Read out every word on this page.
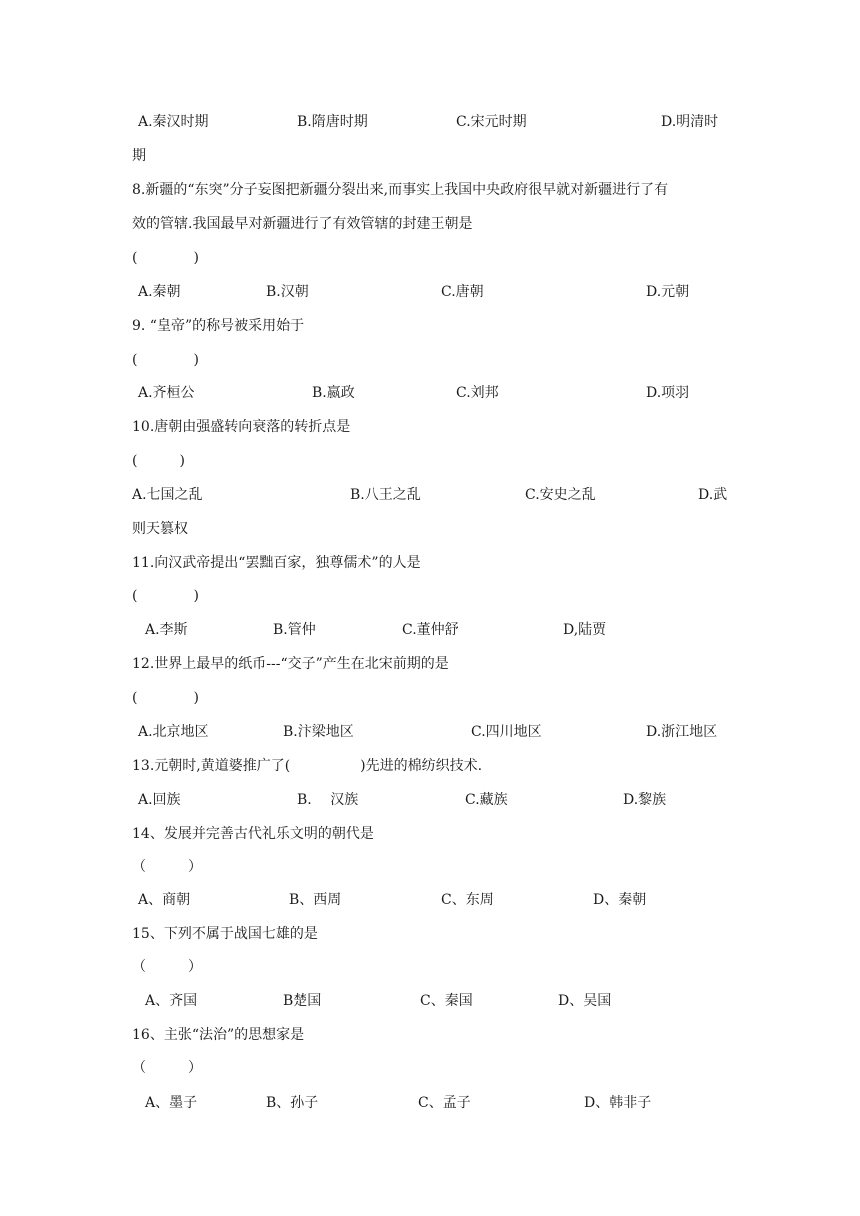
A.秦汉时期	B.隋唐时期	C.宋元时期	D.明清时
期
8.新疆的“东突”分子妄图把新疆分裂出来,而事实上我国中央政府很早就对新疆进行了有
效的管辖.我国最早对新疆进行了有效管辖的封建王朝是
(　　　　)
A.秦朝	B.汉朝	C.唐朝	D.元朝
9. “皇帝”的称号被采用始于
(　　　　)
A.齐桓公	B.嬴政	C.刘邦	D.项羽
10.唐朝由强盛转向衰落的转折点是
(　　　)
A.七国之乱	B.八王之乱	C.安史之乱	D.武
则天篡权
11.向汉武帝提出“罢黜百家，独尊儒术”的人是
(　　　　)
A.李斯	B.管仲	C.董仲舒	D,陆贾
12.世界上最早的纸币---“交子”产生在北宋前期的是
(　　　　)
A.北京地区	B.汴梁地区	C.四川地区	D.浙江地区
13.元朝时,黄道婆推广了(　　　　　)先进的棉纺织技术.
A.回族	B.　 汉族	C.藏族	D.黎族
14、发展并完善古代礼乐文明的朝代是
（　　　）
A、商朝	B、西周	C、东周	D、秦朝
15、下列不属于战国七雄的是
（　　　）
A、齐国	B楚国	C、秦国	D、吴国
16、主张“法治”的思想家是
（　　　）
A、墨子	B、孙子	C、孟子	D、韩非子
